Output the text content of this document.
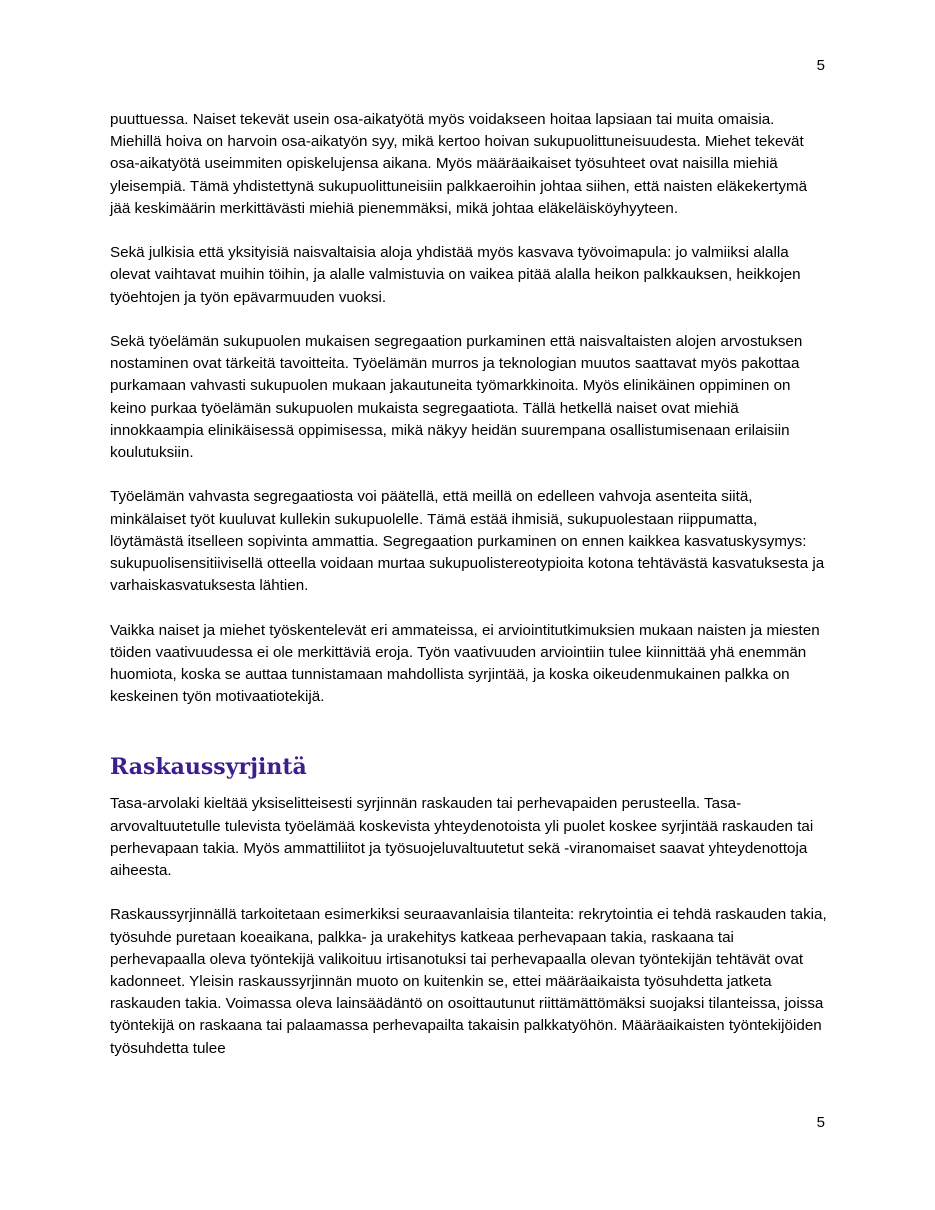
5

puuttuessa. Naiset tekevät usein osa-aikatyötä myös voidakseen hoitaa lapsiaan tai muita omaisia. Miehillä hoiva on harvoin osa-aikatyön syy, mikä kertoo hoivan sukupuolittuneisuudesta. Miehet tekevät osa-aikatyötä useimmiten opiskelujensa aikana. Myös määräaikaiset työsuhteet ovat naisilla miehiä yleisempiä. Tämä yhdistettynä sukupuolittuneisiin palkkaeroihin johtaa siihen, että naisten eläkekertymä jää keskimäärin merkittävästi miehiä pienemmäksi, mikä johtaa eläkeläisköyhyyteen.

Sekä julkisia että yksityisiä naisvaltaisia aloja yhdistää myös kasvava työvoimapula: jo valmiiksi alalla olevat vaihtavat muihin töihin, ja alalle valmistuvia on vaikea pitää alalla heikon palkkauksen, heikkojen työehtojen ja työn epävarmuuden vuoksi.

Sekä työelämän sukupuolen mukaisen segregaation purkaminen että naisvaltaisten alojen arvostuksen nostaminen ovat tärkeitä tavoitteita. Työelämän murros ja teknologian muutos saattavat myös pakottaa purkamaan vahvasti sukupuolen mukaan jakautuneita työmarkkinoita. Myös elinikäinen oppiminen on keino purkaa työelämän sukupuolen mukaista segregaatiota. Tällä hetkellä naiset ovat miehiä innokkaampia elinikäisessä oppimisessa, mikä näkyy heidän suurempana osallistumisenaan erilaisiin koulutuksiin.

Työelämän vahvasta segregaatiosta voi päätellä, että meillä on edelleen vahvoja asenteita siitä, minkälaiset työt kuuluvat kullekin sukupuolelle. Tämä estää ihmisiä, sukupuolestaan riippumatta, löytämästä itselleen sopivinta ammattia. Segregaation purkaminen on ennen kaikkea kasvatuskysymys: sukupuolisensitiivisellä otteella voidaan murtaa sukupuolistereotypioita kotona tehtävästä kasvatuksesta ja varhaiskasvatuksesta lähtien.

Vaikka naiset ja miehet työskentelevät eri ammateissa, ei arviointitutkimuksien mukaan naisten ja miesten töiden vaativuudessa ei ole merkittäviä eroja. Työn vaativuuden arviointiin tulee kiinnittää yhä enemmän huomiota, koska se auttaa tunnistamaan mahdollista syrjintää, ja koska oikeudenmukainen palkka on keskeinen työn motivaatiotekijä.

Raskaussyrjintä

Tasa-arvolaki kieltää yksiselitteisesti syrjinnän raskauden tai perhevapaiden perusteella. Tasa-arvovaltuutetulle tulevista työelämää koskevista yhteydenotoista yli puolet koskee syrjintää raskauden tai perhevapaan takia. Myös ammattiliitot ja työsuojeluvaltuutetut sekä -viranomaiset saavat yhteydenottoja aiheesta.

Raskaussyrjinnällä tarkoitetaan esimerkiksi seuraavanlaisia tilanteita: rekrytointia ei tehdä raskauden takia, työsuhde puretaan koeaikana, palkka- ja urakehitys katkeaa perhevapaan takia, raskaana tai perhevapaalla oleva työntekijä valikoituu irtisanotuksi tai perhevapaalla olevan työntekijän tehtävät ovat kadonneet. Yleisin raskaussyrjinnän muoto on kuitenkin se, ettei määräaikaista työsuhdetta jatketa raskauden takia. Voimassa oleva lainsäädäntö on osoittautunut riittämättömäksi suojaksi tilanteissa, joissa työntekijä on raskaana tai palaamassa perhevapailta takaisin palkkatyöhön. Määräaikaisten työntekijöiden työsuhdetta tulee

5
